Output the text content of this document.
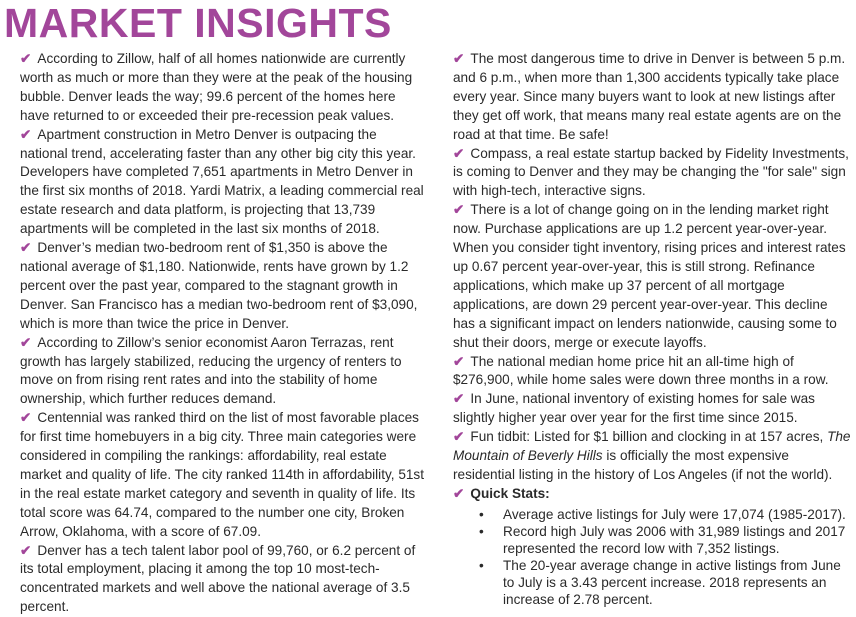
MARKET INSIGHTS

✔ According to Zillow, half of all homes nationwide are currently worth as much or more than they were at the peak of the housing bubble. Denver leads the way; 99.6 percent of the homes here have returned to or exceeded their pre-recession peak values.

✔ Apartment construction in Metro Denver is outpacing the national trend, accelerating faster than any other big city this year. Developers have completed 7,651 apartments in Metro Denver in the first six months of 2018. Yardi Matrix, a leading commercial real estate research and data platform, is projecting that 13,739 apartments will be completed in the last six months of 2018.

✔ Denver’s median two-bedroom rent of $1,350 is above the national average of $1,180. Nationwide, rents have grown by 1.2 percent over the past year, compared to the stagnant growth in Denver. San Francisco has a median two-bedroom rent of $3,090, which is more than twice the price in Denver.

✔ According to Zillow’s senior economist Aaron Terrazas, rent growth has largely stabilized, reducing the urgency of renters to move on from rising rent rates and into the stability of home ownership, which further reduces demand.

✔ Centennial was ranked third on the list of most favorable places for first time homebuyers in a big city. Three main categories were considered in compiling the rankings: affordability, real estate market and quality of life. The city ranked 114th in affordability, 51st in the real estate market category and seventh in quality of life. Its total score was 64.74, compared to the number one city, Broken Arrow, Oklahoma, with a score of 67.09.

✔ Denver has a tech talent labor pool of 99,760, or 6.2 percent of its total employment, placing it among the top 10 most-tech-concentrated markets and well above the national average of 3.5 percent.

✔ The most dangerous time to drive in Denver is between 5 p.m. and 6 p.m., when more than 1,300 accidents typically take place every year. Since many buyers want to look at new listings after they get off work, that means many real estate agents are on the road at that time. Be safe!

✔ Compass, a real estate startup backed by Fidelity Investments, is coming to Denver and they may be changing the "for sale" sign with high-tech, interactive signs.

✔ There is a lot of change going on in the lending market right now. Purchase applications are up 1.2 percent year-over-year. When you consider tight inventory, rising prices and interest rates up 0.67 percent year-over-year, this is still strong. Refinance applications, which make up 37 percent of all mortgage applications, are down 29 percent year-over-year. This decline has a significant impact on lenders nationwide, causing some to shut their doors, merge or execute layoffs.

✔ The national median home price hit an all-time high of $276,900, while home sales were down three months in a row.

✔ In June, national inventory of existing homes for sale was slightly higher year over year for the first time since 2015.

✔ Fun tidbit: Listed for $1 billion and clocking in at 157 acres, The Mountain of Beverly Hills is officially the most expensive residential listing in the history of Los Angeles (if not the world).

✔ Quick Stats:

• Average active listings for July were 17,074 (1985-2017).
• Record high July was 2006 with 31,989 listings and 2017 represented the record low with 7,352 listings.
• The 20-year average change in active listings from June to July is a 3.43 percent increase. 2018 represents an increase of 2.78 percent.
